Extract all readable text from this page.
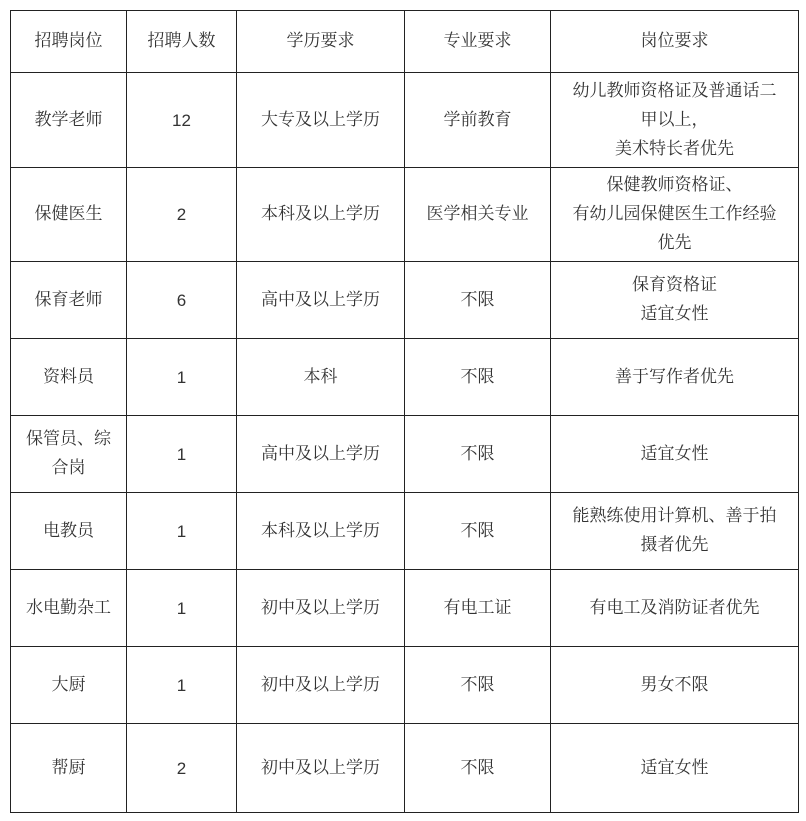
招聘岗位	招聘人数	学历要求	专业要求	岗位要求

教学老师	12	大专及以上学历	学前教育	幼儿教师资格证及普通话二
甲以上，
美术特长者优先

保健医生	2	本科及以上学历	医学相关专业	保健教师资格证、
有幼儿园保健医生工作经验
优先

保育老师	6	高中及以上学历	不限	保育资格证
适宜女性

资料员	1	本科	不限	善于写作者优先

保管员、综
合岗	1	高中及以上学历	不限	适宜女性

电教员	1	本科及以上学历	不限	能熟练使用计算机、善于拍
摄者优先

水电勤杂工	1	初中及以上学历	有电工证	有电工及消防证者优先

大厨	1	初中及以上学历	不限	男女不限

帮厨	2	初中及以上学历	不限	适宜女性
